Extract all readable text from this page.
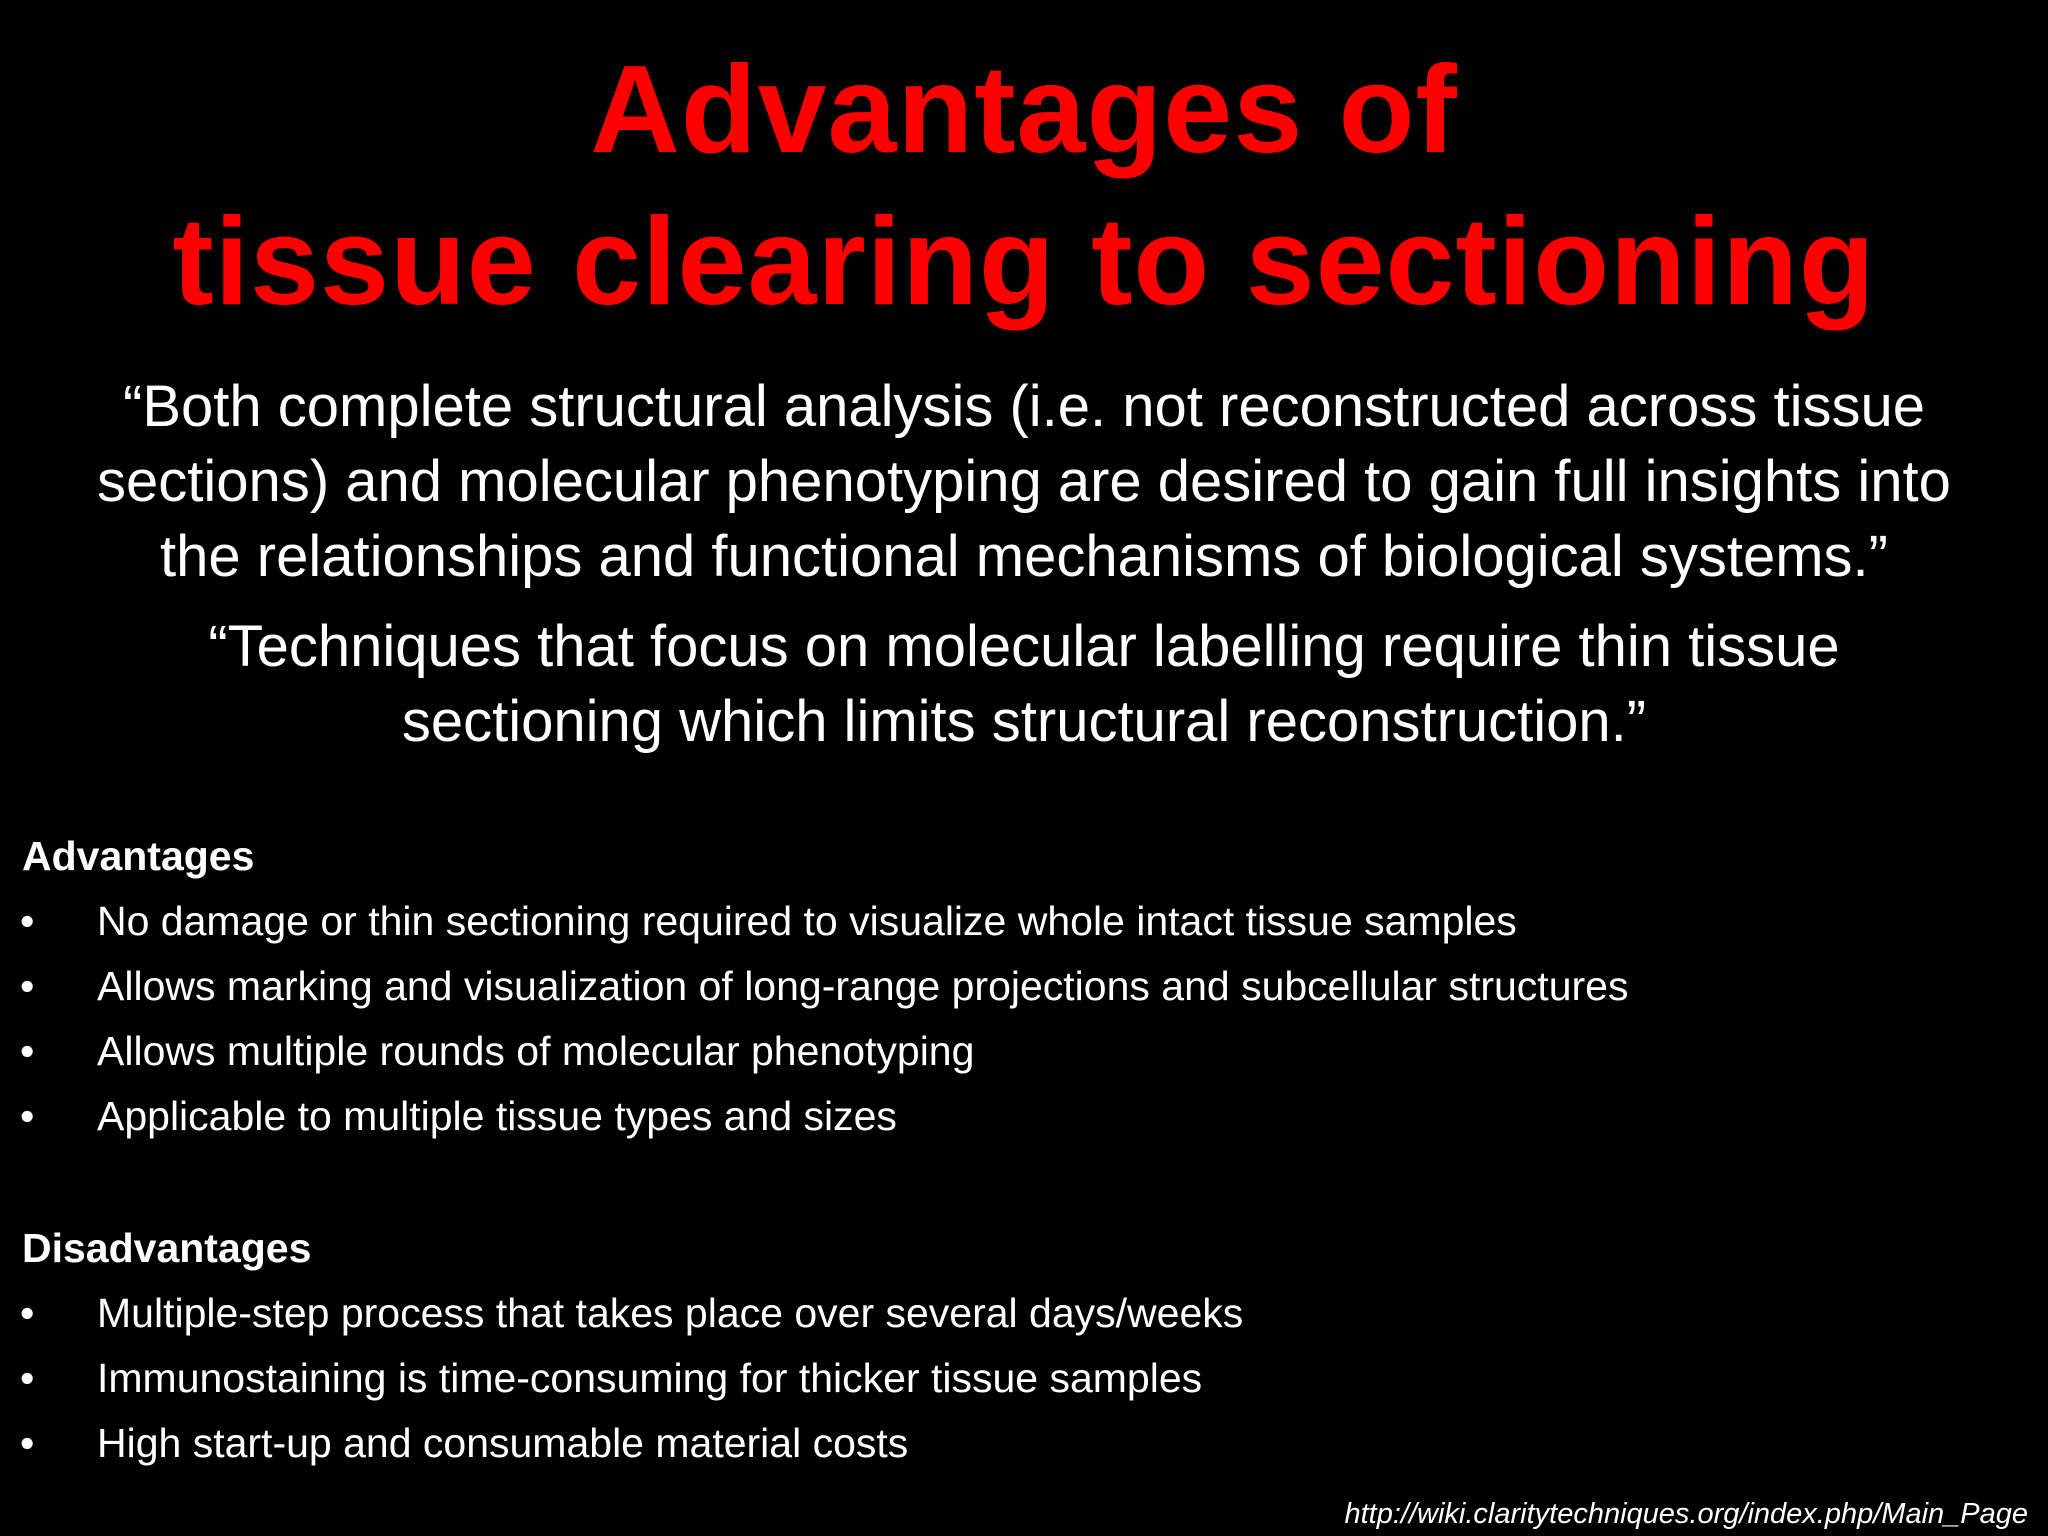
Advantages of
tissue clearing to sectioning
“Both complete structural analysis (i.e. not reconstructed across tissue
sections) and molecular phenotyping are desired to gain full insights into
the relationships and functional mechanisms of biological systems.”
“Techniques that focus on molecular labelling require thin tissue
sectioning which limits structural reconstruction.”
Advantages
• No damage or thin sectioning required to visualize whole intact tissue samples
• Allows marking and visualization of long-range projections and subcellular structures
• Allows multiple rounds of molecular phenotyping
• Applicable to multiple tissue types and sizes
Disadvantages
• Multiple-step process that takes place over several days/weeks
• Immunostaining is time-consuming for thicker tissue samples
• High start-up and consumable material costs
http://wiki.claritytechniques.org/index.php/Main_Page
